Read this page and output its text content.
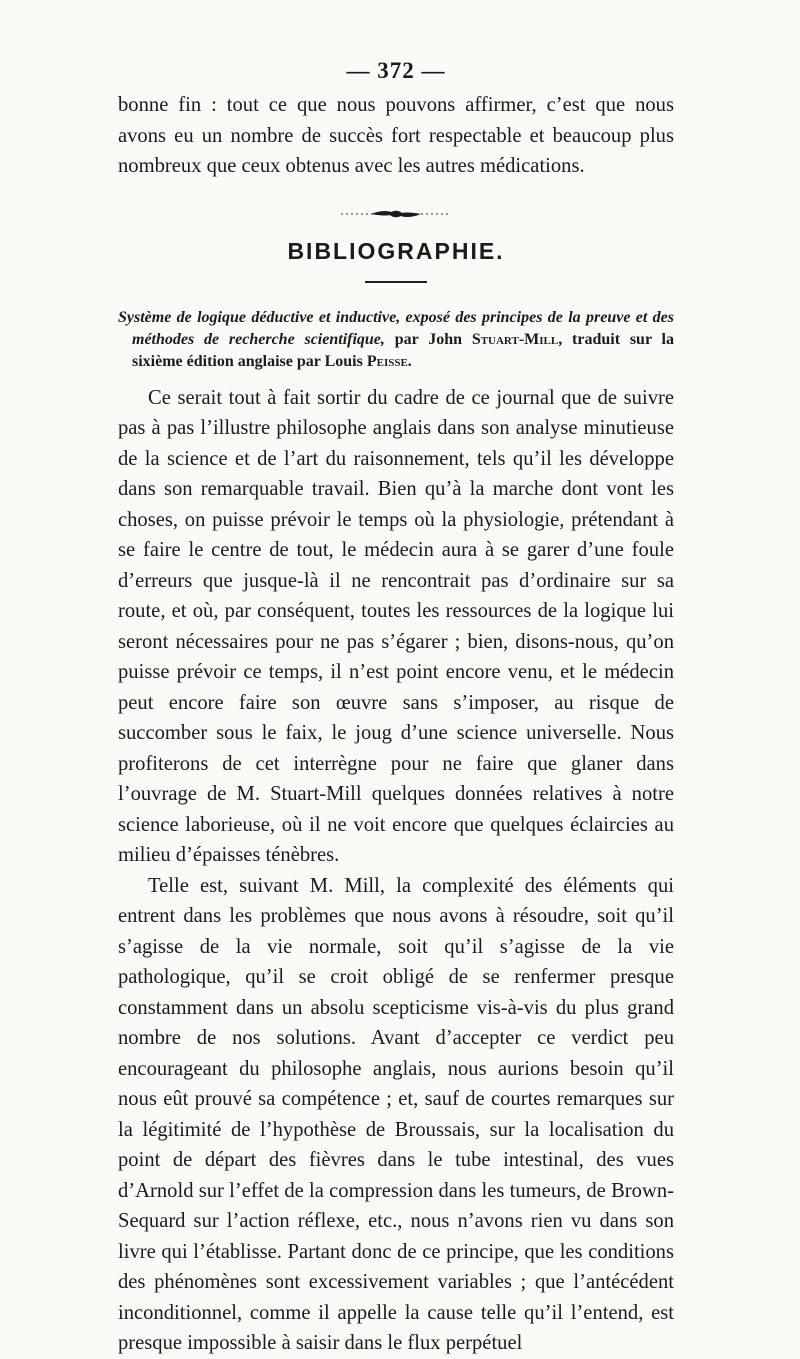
— 372 —

bonne fin : tout ce que nous pouvons affirmer, c’est que nous avons eu un nombre de succès fort respectable et beaucoup plus nombreux que ceux obtenus avec les autres médications.

BIBLIOGRAPHIE.

Système de logique déductive et inductive, exposé des principes de la preuve et des méthodes de recherche scientifique, par John Stuart-Mill, traduit sur la sixième édition anglaise par Louis Peisse.

Ce serait tout à fait sortir du cadre de ce journal que de suivre pas à pas l’illustre philosophe anglais dans son analyse minutieuse de la science et de l’art du raisonnement, tels qu’il les développe dans son remarquable travail. Bien qu’à la marche dont vont les choses, on puisse prévoir le temps où la physiologie, prétendant à se faire le centre de tout, le médecin aura à se garer d’une foule d’erreurs que jusque-là il ne rencontrait pas d’ordinaire sur sa route, et où, par conséquent, toutes les ressources de la logique lui seront nécessaires pour ne pas s’égarer ; bien, disons-nous, qu’on puisse prévoir ce temps, il n’est point encore venu, et le médecin peut encore faire son œuvre sans s’imposer, au risque de succomber sous le faix, le joug d’une science universelle. Nous profiterons de cet interrègne pour ne faire que glaner dans l’ouvrage de M. Stuart-Mill quelques données relatives à notre science laborieuse, où il ne voit encore que quelques éclaircies au milieu d’épaisses ténèbres.

Telle est, suivant M. Mill, la complexité des éléments qui entrent dans les problèmes que nous avons à résoudre, soit qu’il s’agisse de la vie normale, soit qu’il s’agisse de la vie pathologique, qu’il se croit obligé de se renfermer presque constamment dans un absolu scepticisme vis-à-vis du plus grand nombre de nos solutions. Avant d’accepter ce verdict peu encourageant du philosophe anglais, nous aurions besoin qu’il nous eût prouvé sa compétence ; et, sauf de courtes remarques sur la légitimité de l’hypothèse de Broussais, sur la localisation du point de départ des fièvres dans le tube intestinal, des vues d’Arnold sur l’effet de la compression dans les tumeurs, de Brown-Sequard sur l’action réflexe, etc., nous n’avons rien vu dans son livre qui l’établisse. Partant donc de ce principe, que les conditions des phénomènes sont excessivement variables ; que l’antécédent inconditionnel, comme il appelle la cause telle qu’il l’entend, est presque impossible à saisir dans le flux perpétuel
